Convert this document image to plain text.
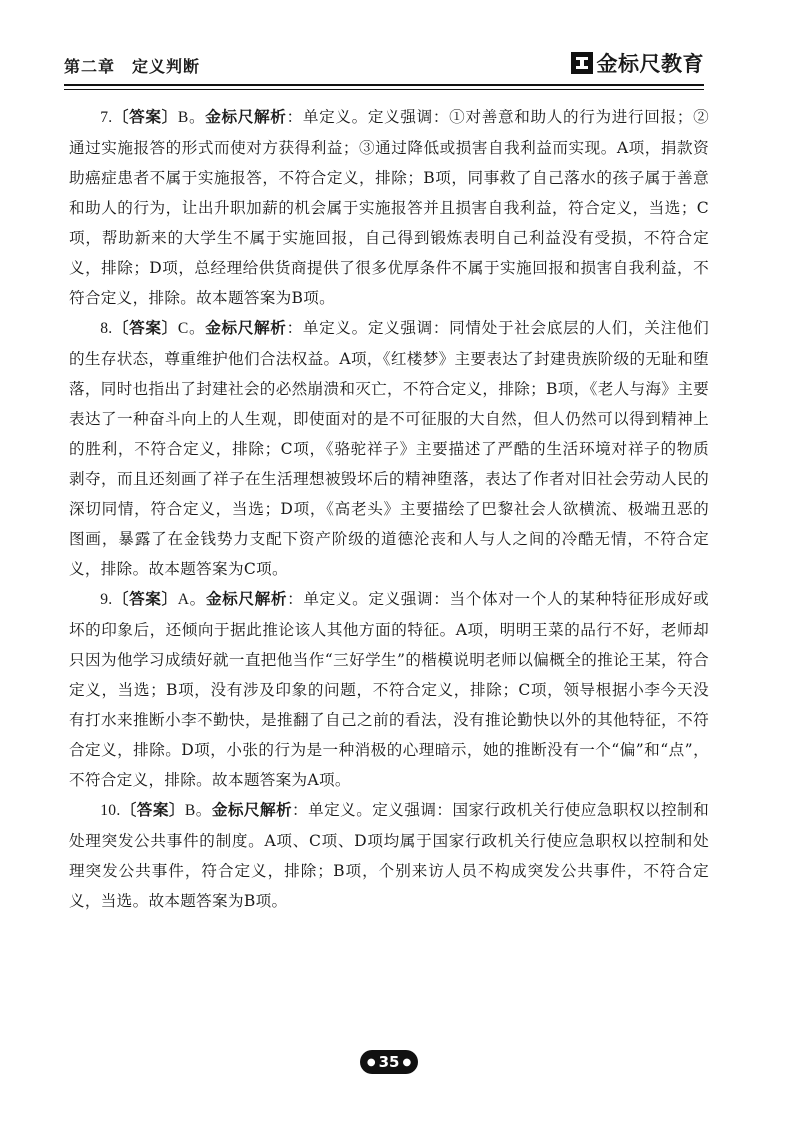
第二章　定义判断	金标尺教育

7.〔答案〕B。金标尺解析：单定义。定义强调：①对善意和助人的行为进行回报；②通过实施报答的形式而使对方获得利益；③通过降低或损害自我利益而实现。A项，捐款资助癌症患者不属于实施报答，不符合定义，排除；B项，同事救了自己落水的孩子属于善意和助人的行为，让出升职加薪的机会属于实施报答并且损害自我利益，符合定义，当选；C项，帮助新来的大学生不属于实施回报，自己得到锻炼表明自己利益没有受损，不符合定义，排除；D项，总经理给供货商提供了很多优厚条件不属于实施回报和损害自我利益，不符合定义，排除。故本题答案为B项。

8.〔答案〕C。金标尺解析：单定义。定义强调：同情处于社会底层的人们，关注他们的生存状态，尊重维护他们合法权益。A项，《红楼梦》主要表达了封建贵族阶级的无耻和堕落，同时也指出了封建社会的必然崩溃和灭亡，不符合定义，排除；B项，《老人与海》主要表达了一种奋斗向上的人生观，即使面对的是不可征服的大自然，但人仍然可以得到精神上的胜利，不符合定义，排除；C项，《骆驼祥子》主要描述了严酷的生活环境对祥子的物质剥夺，而且还刻画了祥子在生活理想被毁坏后的精神堕落，表达了作者对旧社会劳动人民的深切同情，符合定义，当选；D项，《高老头》主要描绘了巴黎社会人欲横流、极端丑恶的图画，暴露了在金钱势力支配下资产阶级的道德沦丧和人与人之间的冷酷无情，不符合定义，排除。故本题答案为C项。

9.〔答案〕A。金标尺解析：单定义。定义强调：当个体对一个人的某种特征形成好或坏的印象后，还倾向于据此推论该人其他方面的特征。A项，明明王菜的品行不好，老师却只因为他学习成绩好就一直把他当作“三好学生”的楷模说明老师以偏概全的推论王某，符合定义，当选；B项，没有涉及印象的问题，不符合定义，排除；C项，领导根据小李今天没有打水来推断小李不勤快，是推翻了自己之前的看法，没有推论勤快以外的其他特征，不符合定义，排除。D项，小张的行为是一种消极的心理暗示，她的推断没有一个“偏”和“点”，不符合定义，排除。故本题答案为A项。

10.〔答案〕B。金标尺解析：单定义。定义强调：国家行政机关行使应急职权以控制和处理突发公共事件的制度。A项、C项、D项均属于国家行政机关行使应急职权以控制和处理突发公共事件，符合定义，排除；B项，个别来访人员不构成突发公共事件，不符合定义，当选。故本题答案为B项。

● 35 ●
